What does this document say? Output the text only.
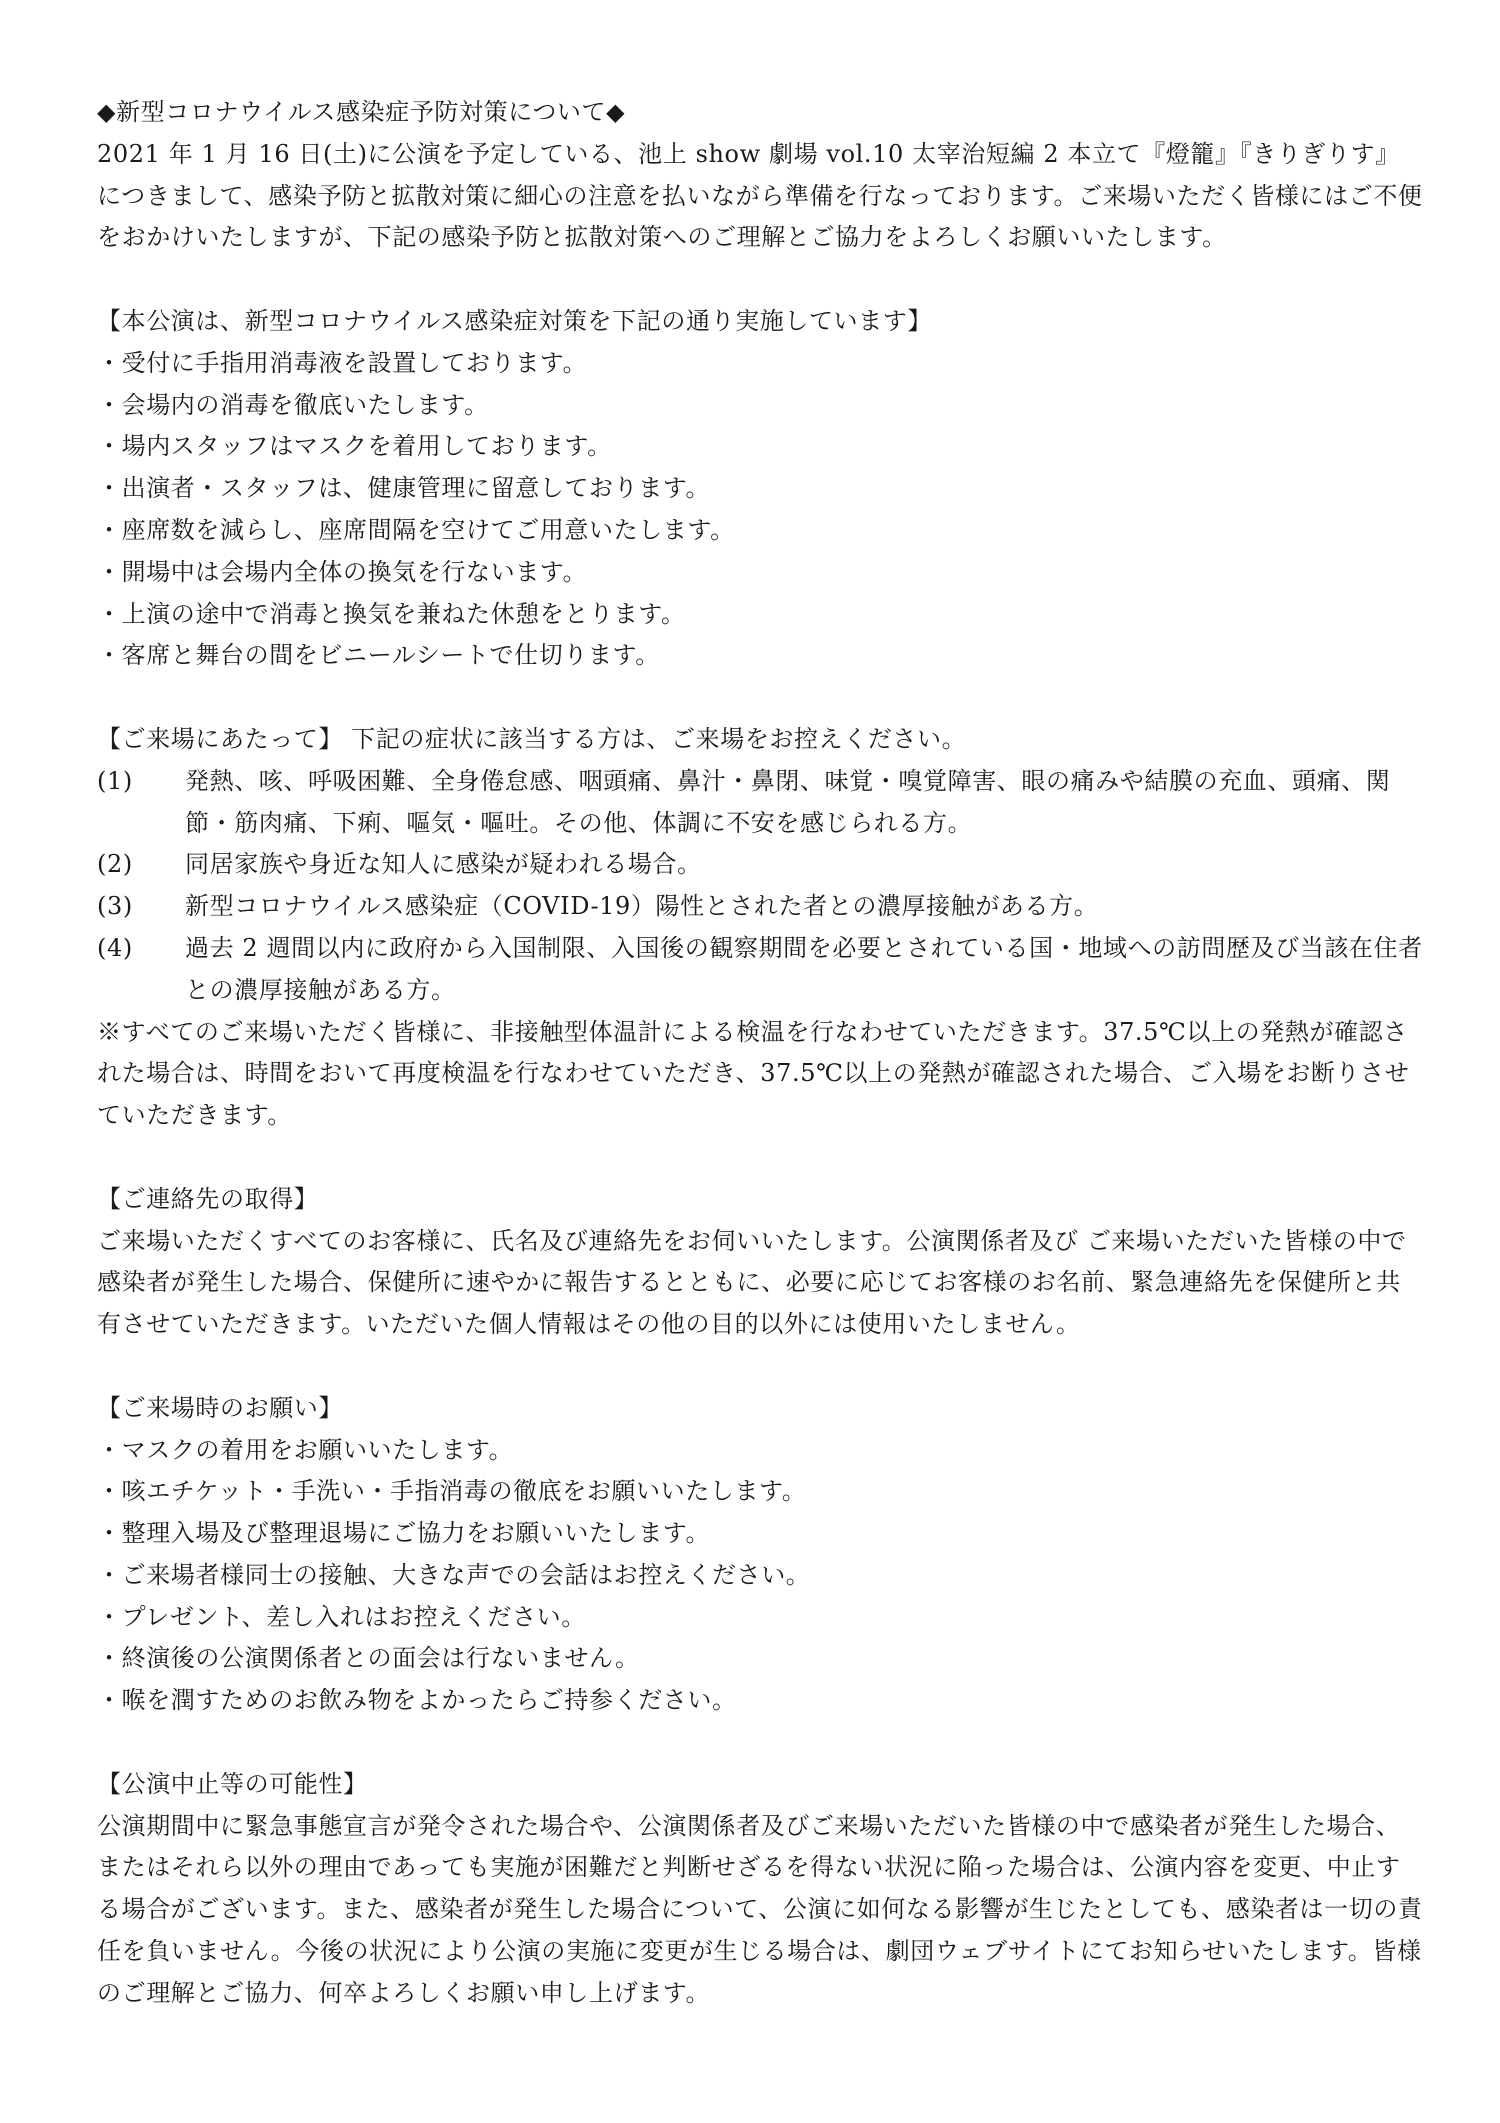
◆新型コロナウイルス感染症予防対策について◆
2021 年 1 月 16 日(土)に公演を予定している、池上 show 劇場 vol.10 太宰治短編 2 本立て『燈籠』『きりぎりす』 につきまして、感染予防と拡散対策に細心の注意を払いながら準備を行なっております。ご来場いただく皆様にはご不便をおかけいたしますが、下記の感染予防と拡散対策へのご理解とご協力をよろしくお願いいたします。
【本公演は、新型コロナウイルス感染症対策を下記の通り実施しています】
・受付に手指用消毒液を設置しております。
・会場内の消毒を徹底いたします。
・場内スタッフはマスクを着用しております。
・出演者・スタッフは、健康管理に留意しております。
・座席数を減らし、座席間隔を空けてご用意いたします。
・開場中は会場内全体の換気を行ないます。
・上演の途中で消毒と換気を兼ねた休憩をとります。
・客席と舞台の間をビニールシートで仕切ります。
【ご来場にあたって】 下記の症状に該当する方は、ご来場をお控えください。
(1)	発熱、咳、呼吸困難、全身倦怠感、咽頭痛、鼻汁・鼻閉、味覚・嗅覚障害、眼の痛みや結膜の充血、頭痛、関節・筋肉痛、下痢、嘔気・嘔吐。その他、体調に不安を感じられる方。
(2)	同居家族や身近な知人に感染が疑われる場合。
(3)	新型コロナウイルス感染症（COVID-19）陽性とされた者との濃厚接触がある方。
(4)	過去 2 週間以内に政府から入国制限、入国後の観察期間を必要とされている国・地域への訪問歴及び当該在住者との濃厚接触がある方。
※すべてのご来場いただく皆様に、非接触型体温計による検温を行なわせていただきます。37.5℃以上の発熱が確認された場合は、時間をおいて再度検温を行なわせていただき、37.5℃以上の発熱が確認された場合、ご入場をお断りさせていただきます。
【ご連絡先の取得】
ご来場いただくすべてのお客様に、氏名及び連絡先をお伺いいたします。公演関係者及び ご来場いただいた皆様の中で感染者が発生した場合、保健所に速やかに報告するとともに、必要に応じてお客様のお名前、緊急連絡先を保健所と共有させていただきます。いただいた個人情報はその他の目的以外には使用いたしません。
【ご来場時のお願い】
・マスクの着用をお願いいたします。
・咳エチケット・手洗い・手指消毒の徹底をお願いいたします。
・整理入場及び整理退場にご協力をお願いいたします。
・ご来場者様同士の接触、大きな声での会話はお控えください。
・プレゼント、差し入れはお控えください。
・終演後の公演関係者との面会は行ないません。
・喉を潤すためのお飲み物をよかったらご持参ください。
【公演中止等の可能性】
公演期間中に緊急事態宣言が発令された場合や、公演関係者及びご来場いただいた皆様の中で感染者が発生した場合、またはそれら以外の理由であっても実施が困難だと判断せざるを得ない状況に陥った場合は、公演内容を変更、中止する場合がございます。また、感染者が発生した場合について、公演に如何なる影響が生じたとしても、感染者は一切の責任を負いません。今後の状況により公演の実施に変更が生じる場合は、劇団ウェブサイトにてお知らせいたします。皆様のご理解とご協力、何卒よろしくお願い申し上げます。
